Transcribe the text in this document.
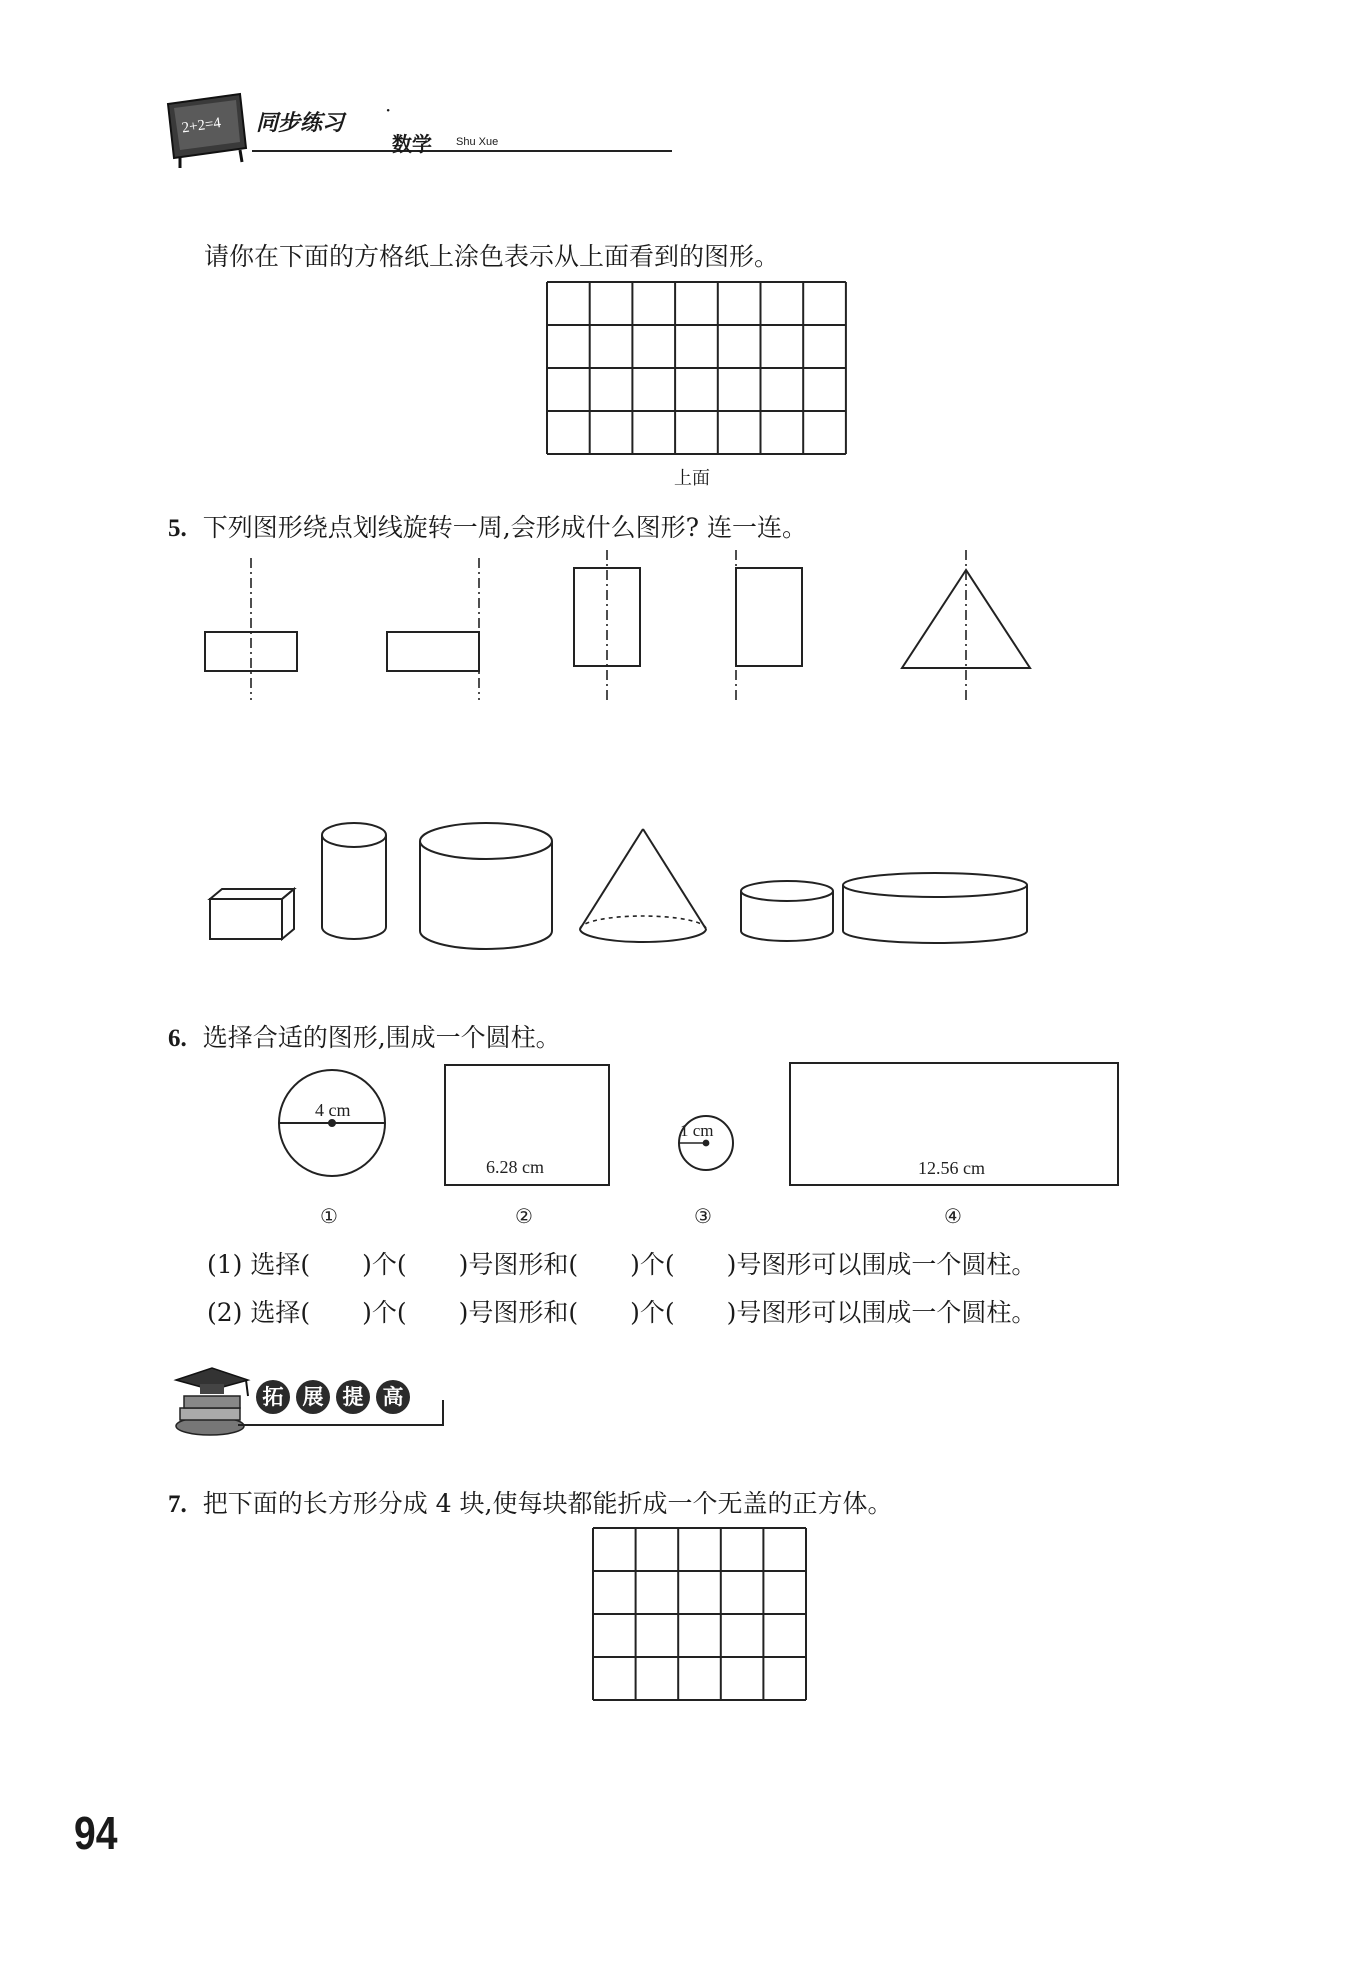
2+2=4 同步练习
·
数学 Shu Xue
请你在下面的方格纸上涂色表示从上面看到的图形。
上面
5. 下列图形绕点划线旋转一周,会形成什么图形? 连一连。
6. 选择合适的图形,围成一个圆柱。
4 cm
6.28 cm
1 cm
12.56 cm
①	②	③	④
(1) 选择( )个( )号图形和( )个( )号图形可以围成一个圆柱。
(2) 选择( )个( )号图形和( )个( )号图形可以围成一个圆柱。
拓 展 提 高
7. 把下面的长方形分成 4 块,使每块都能折成一个无盖的正方体。
94
